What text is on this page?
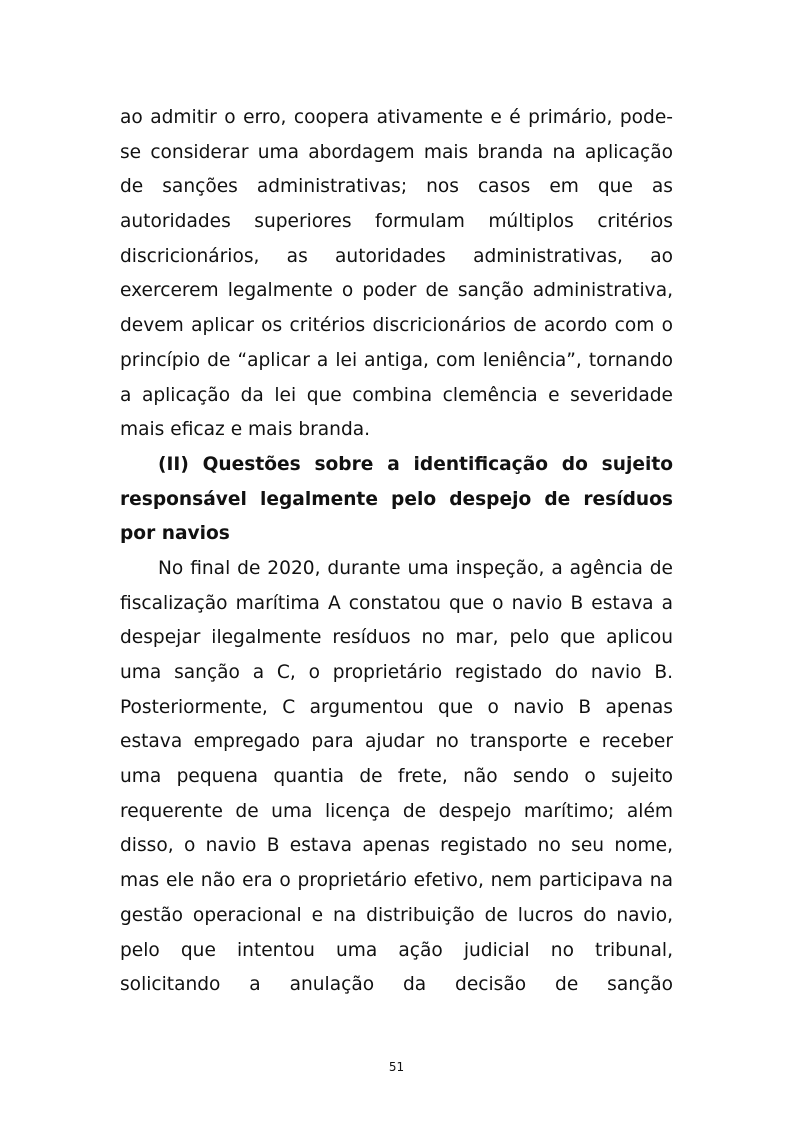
ao admitir o erro, coopera ativamente e é primário, pode-
se considerar uma abordagem mais branda na aplicação
de sanções administrativas; nos casos em que as
autoridades superiores formulam múltiplos critérios
discricionários, as autoridades administrativas, ao
exercerem legalmente o poder de sanção administrativa,
devem aplicar os critérios discricionários de acordo com o
princípio de “aplicar a lei antiga, com leniência”, tornando
a aplicação da lei que combina clemência e severidade
mais eficaz e mais branda.
(II) Questões sobre a identificação do sujeito
responsável legalmente pelo despejo de resíduos
por navios
No final de 2020, durante uma inspeção, a agência de
fiscalização marítima A constatou que o navio B estava a
despejar ilegalmente resíduos no mar, pelo que aplicou
uma sanção a C, o proprietário registado do navio B.
Posteriormente, C argumentou que o navio B apenas
estava empregado para ajudar no transporte e receber
uma pequena quantia de frete, não sendo o sujeito
requerente de uma licença de despejo marítimo; além
disso, o navio B estava apenas registado no seu nome,
mas ele não era o proprietário efetivo, nem participava na
gestão operacional e na distribuição de lucros do navio,
pelo que intentou uma ação judicial no tribunal,
solicitando a anulação da decisão de sanção
51
